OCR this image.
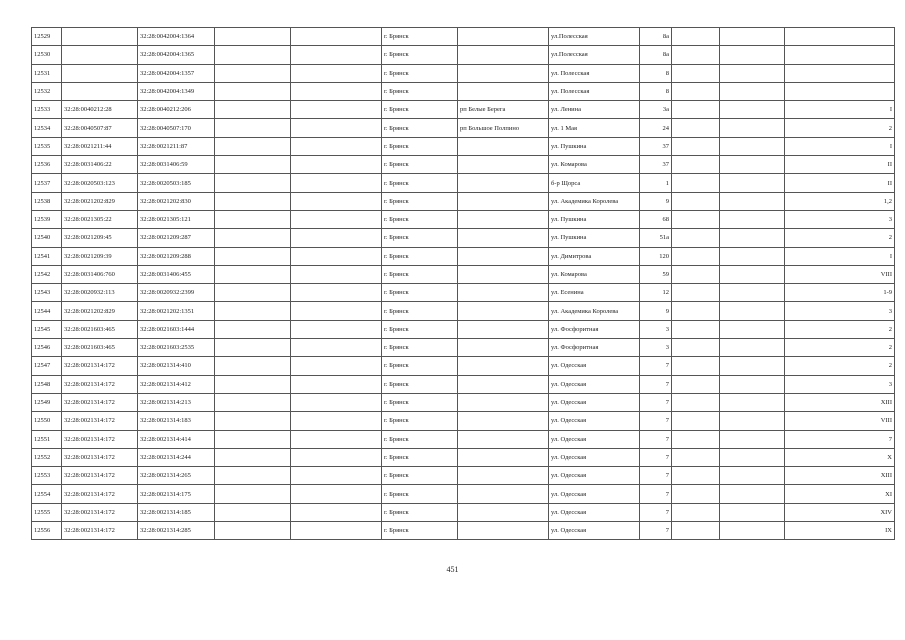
12529		32:28:0042004:1364			г. Брянск		ул.Полесская	8а			
12530		32:28:0042004:1365			г. Брянск		ул.Полесская	8а			
12531		32:28:0042004:1357			г. Брянск		ул. Полесская	8			
12532		32:28:0042004:1349			г. Брянск		ул. Полесская	8			
12533	32:28:0040212:28	32:28:0040212:206			г. Брянск	рп Белые Берега	ул. Ленина	3а			I
12534	32:28:0040507:87	32:28:0040507:170			г. Брянск	рп Большое Полпино	ул. 1 Мая	24			2
12535	32:28:0021211:44	32:28:0021211:87			г. Брянск		ул. Пушкина	37			I
12536	32:28:0031406:22	32:28:0031406:59			г. Брянск		ул. Комарова	37			II
12537	32:28:0020503:123	32:28:0020503:185			г. Брянск		б-р Щорса	1			II
12538	32:28:0021202:829	32:28:0021202:830			г. Брянск		ул. Академика Королева	9			1,2
12539	32:28:0021305:22	32:28:0021305:121			г. Брянск		ул. Пушкина	68			3
12540	32:28:0021209:45	32:28:0021209:287			г. Брянск		ул. Пушкина	51а			2
12541	32:28:0021209:39	32:28:0021209:288			г. Брянск		ул. Димитрова	120			I
12542	32:28:0031406:760	32:28:0031406:455			г. Брянск		ул. Комарова	59			VIII
12543	32:28:0020932:113	32:28:0020932:2399			г. Брянск		ул. Есенина	12			1-9
12544	32:28:0021202:829	32:28:0021202:1351			г. Брянск		ул. Академика Королева	9			3
12545	32:28:0021603:465	32:28:0021603:1444			г. Брянск		ул. Фосфоритная	3			2
12546	32:28:0021603:465	32:28:0021603:2535			г. Брянск		ул. Фосфоритная	3			2
12547	32:28:0021314:172	32:28:0021314:410			г. Брянск		ул. Одесская	7			2
12548	32:28:0021314:172	32:28:0021314:412			г. Брянск		ул. Одесская	7			3
12549	32:28:0021314:172	32:28:0021314:213			г. Брянск		ул. Одесская	7			XIII
12550	32:28:0021314:172	32:28:0021314:183			г. Брянск		ул. Одесская	7			VIII
12551	32:28:0021314:172	32:28:0021314:414			г. Брянск		ул. Одесская	7			7
12552	32:28:0021314:172	32:28:0021314:244			г. Брянск		ул. Одесская	7			X
12553	32:28:0021314:172	32:28:0021314:265			г. Брянск		ул. Одесская	7			XIII
12554	32:28:0021314:172	32:28:0021314:175			г. Брянск		ул. Одесская	7			XI
12555	32:28:0021314:172	32:28:0021314:185			г. Брянск		ул. Одесская	7			XIV
12556	32:28:0021314:172	32:28:0021314:285			г. Брянск		ул. Одесская	7			IX
451
